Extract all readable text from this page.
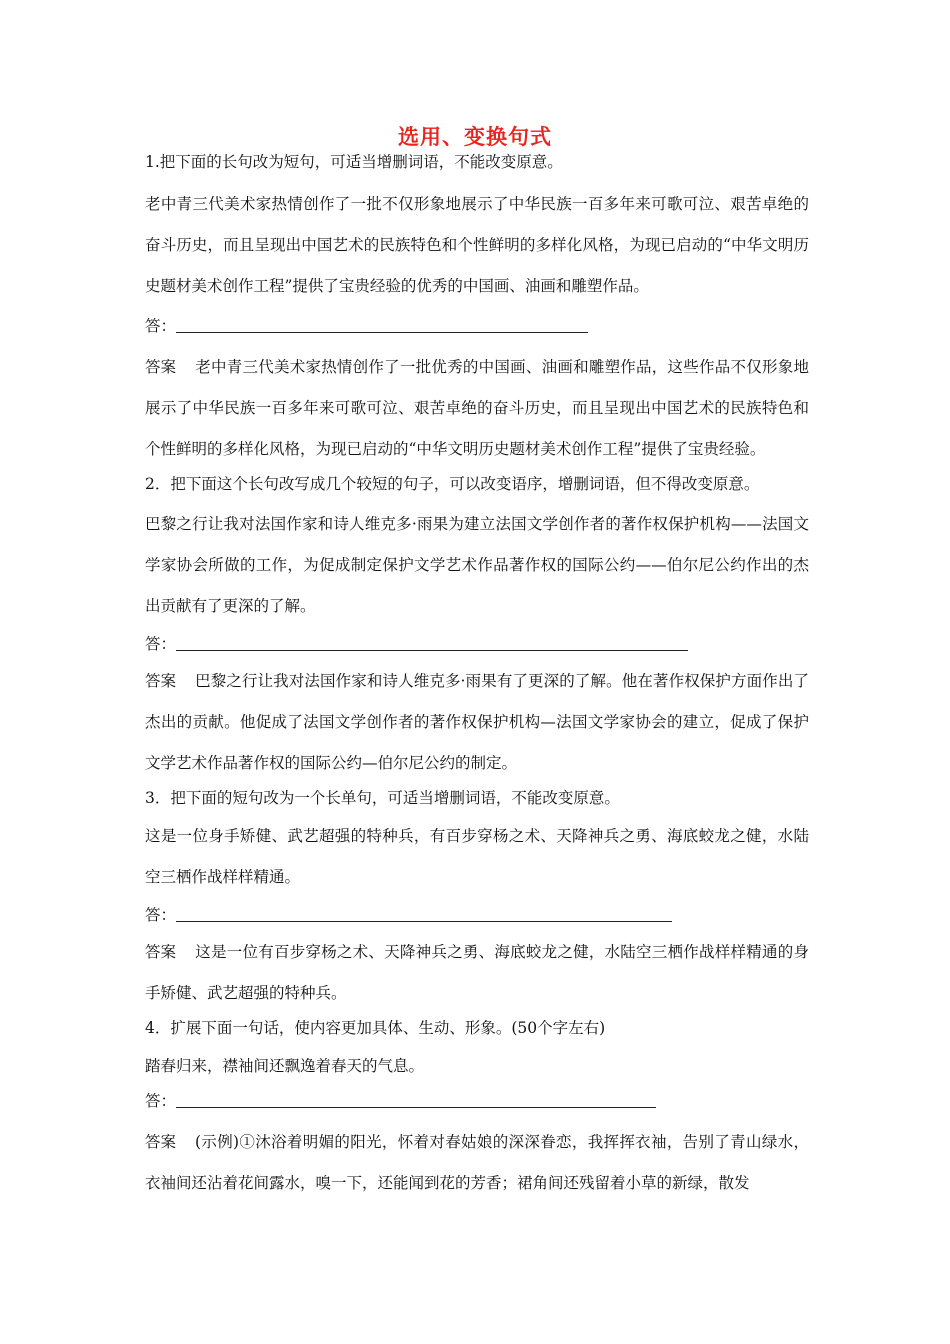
选用、变换句式

1.把下面的长句改为短句，可适当增删词语，不能改变原意。

老中青三代美术家热情创作了一批不仅形象地展示了中华民族一百多年来可歌可泣、艰苦卓绝的奋斗历史，而且呈现出中国艺术的民族特色和个性鲜明的多样化风格，为现已启动的“中华文明历史题材美术创作工程”提供了宝贵经验的优秀的中国画、油画和雕塑作品。

答：

答案 老中青三代美术家热情创作了一批优秀的中国画、油画和雕塑作品，这些作品不仅形象地展示了中华民族一百多年来可歌可泣、艰苦卓绝的奋斗历史，而且呈现出中国艺术的民族特色和个性鲜明的多样化风格，为现已启动的“中华文明历史题材美术创作工程”提供了宝贵经验。

2．把下面这个长句改写成几个较短的句子，可以改变语序，增删词语，但不得改变原意。

巴黎之行让我对法国作家和诗人维克多·雨果为建立法国文学创作者的著作权保护机构——法国文学家协会所做的工作，为促成制定保护文学艺术作品著作权的国际公约——伯尔尼公约作出的杰出贡献有了更深的了解。

答：

答案 巴黎之行让我对法国作家和诗人维克多·雨果有了更深的了解。他在著作权保护方面作出了杰出的贡献。他促成了法国文学创作者的著作权保护机构—法国文学家协会的建立，促成了保护文学艺术作品著作权的国际公约—伯尔尼公约的制定。

3．把下面的短句改为一个长单句，可适当增删词语，不能改变原意。

这是一位身手矫健、武艺超强的特种兵，有百步穿杨之术、天降神兵之勇、海底蛟龙之健，水陆空三栖作战样样精通。

答：

答案 这是一位有百步穿杨之术、天降神兵之勇、海底蛟龙之健，水陆空三栖作战样样精通的身手矫健、武艺超强的特种兵。

4．扩展下面一句话，使内容更加具体、生动、形象。(50个字左右)

踏春归来，襟袖间还飘逸着春天的气息。

答：

答案 (示例)①沐浴着明媚的阳光，怀着对春姑娘的深深眷恋，我挥挥衣袖，告别了青山绿水，衣袖间还沾着花间露水，嗅一下，还能闻到花的芳香；裙角间还残留着小草的新绿，散发
